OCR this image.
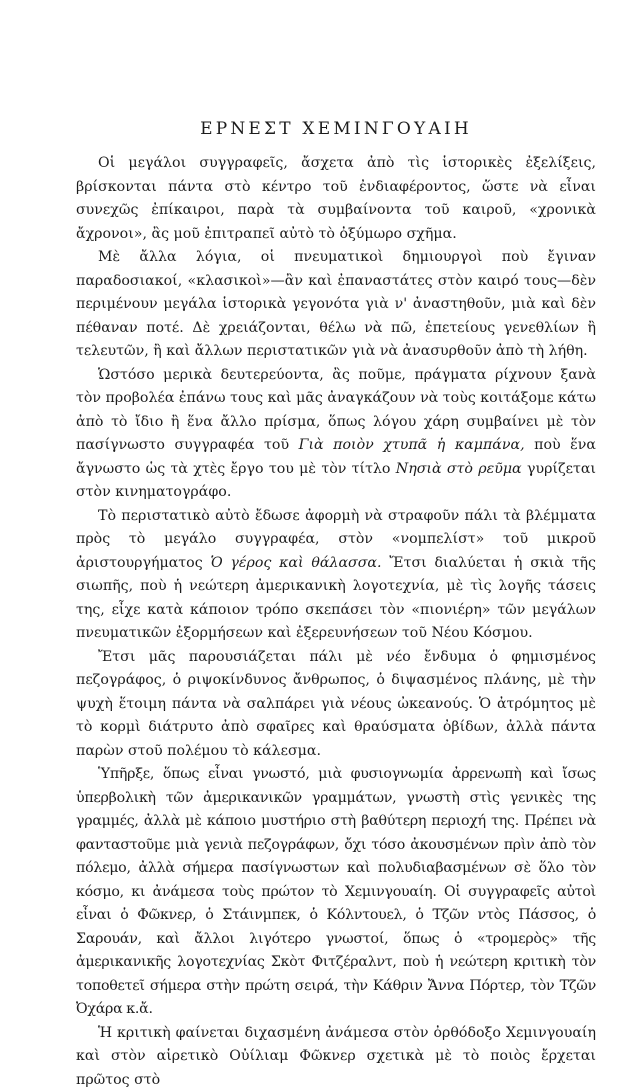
ΕΡΝΕΣΤ ΧΕΜΙΝΓΟΥΑΙΗ

Οἱ μεγάλοι συγγραφεῖς, ἄσχετα ἀπὸ τὶς ἱστορικὲς ἐξελίξεις, βρίσκονται πάντα στὸ κέντρο τοῦ ἐνδιαφέροντος, ὥστε νὰ εἶναι συνεχῶς ἐπίκαιροι, παρὰ τὰ συμβαίνοντα τοῦ καιροῦ, «χρονικὰ ἄχρονοι», ἂς μοῦ ἐπιτραπεῖ αὐτὸ τὸ ὀξύμωρο σχῆμα.

Μὲ ἄλλα λόγια, οἱ πνευματικοὶ δημιουργοὶ ποὺ ἔγιναν παραδοσιακοί, «κλασικοὶ»—ἂν καὶ ἐπαναστάτες στὸν καιρό τους—δὲν περιμένουν μεγάλα ἱστορικὰ γεγονότα γιὰ ν' ἀναστηθοῦν, μιὰ καὶ δὲν πέθαναν ποτέ. Δὲ χρειάζονται, θέλω νὰ πῶ, ἐπετείους γενεθλίων ἢ τελευτῶν, ἢ καὶ ἄλλων περιστατικῶν γιὰ νὰ ἀνασυρθοῦν ἀπὸ τὴ λήθη.

Ὡστόσο μερικὰ δευτερεύοντα, ἂς ποῦμε, πράγματα ρίχνουν ξανὰ τὸν προβολέα ἐπάνω τους καὶ μᾶς ἀναγκάζουν νὰ τοὺς κοιτάξομε κάτω ἀπὸ τὸ ἴδιο ἢ ἕνα ἄλλο πρίσμα, ὅπως λόγου χάρη συμβαίνει μὲ τὸν πασίγνωστο συγγραφέα τοῦ Γιὰ ποιὸν χτυπᾶ ἡ καμπάνα, ποὺ ἕνα ἄγνωστο ὡς τὰ χτὲς ἔργο του μὲ τὸν τίτλο Νησιὰ στὸ ρεῦμα γυρίζεται στὸν κινηματογράφο.

Τὸ περιστατικὸ αὐτὸ ἔδωσε ἀφορμὴ νὰ στραφοῦν πάλι τὰ βλέμματα πρὸς τὸ μεγάλο συγγραφέα, στὸν «νομπελίστ» τοῦ μικροῦ ἀριστουργήματος Ὁ γέρος καὶ θάλασσα. Ἔτσι διαλύεται ἡ σκιὰ τῆς σιωπῆς, ποὺ ἡ νεώτερη ἀμερικανικὴ λογοτεχνία, μὲ τὶς λογῆς τάσεις της, εἶχε κατὰ κάποιον τρόπο σκεπάσει τὸν «πιονιέρη» τῶν μεγάλων πνευματικῶν ἐξορμήσεων καὶ ἐξερευνήσεων τοῦ Νέου Κόσμου.

Ἔτσι μᾶς παρουσιάζεται πάλι μὲ νέο ἔνδυμα ὁ φημισμένος πεζογράφος, ὁ ριψοκίνδυνος ἄνθρωπος, ὁ διψασμένος πλάνης, μὲ τὴν ψυχὴ ἕτοιμη πάντα νὰ σαλπάρει γιὰ νέους ὠκεανούς. Ὁ ἀτρόμητος μὲ τὸ κορμὶ διάτρυτο ἀπὸ σφαῖρες καὶ θραύσματα ὀβίδων, ἀλλὰ πάντα παρὼν στοῦ πολέμου τὸ κάλεσμα.

Ὑπῆρξε, ὅπως εἶναι γνωστό, μιὰ φυσιογνωμία ἀρρενωπὴ καὶ ἴσως ὑπερβολικὴ τῶν ἀμερικανικῶν γραμμάτων, γνωστὴ στὶς γενικὲς της γραμμές, ἀλλὰ μὲ κάποιο μυστήριο στὴ βαθύτερη περιοχή της. Πρέπει νὰ φανταστοῦμε μιὰ γενιὰ πεζογράφων, ὄχι τόσο ἀκουσμένων πρὶν ἀπὸ τὸν πόλεμο, ἀλλὰ σήμερα πασίγνωστων καὶ πολυδιαβασμένων σὲ ὅλο τὸν κόσμο, κι ἀνάμεσα τοὺς πρώτον τὸ Χεμινγουαίη. Οἱ συγγραφεῖς αὐτοὶ εἶναι ὁ Φῶκνερ, ὁ Στάινμπεκ, ὁ Κόλντουελ, ὁ Τζῶν ντὸς Πάσσος, ὁ Σαρουάν, καὶ ἄλλοι λιγότερο γνωστοί, ὅπως ὁ «τρομερὸς» τῆς ἀμερικανικῆς λογοτεχνίας Σκὸτ Φιτζέραλντ, ποὺ ἡ νεώτερη κριτικὴ τὸν τοποθετεῖ σήμερα στὴν πρώτη σειρά, τὴν Κάθριν Ἄννα Πόρτερ, τὸν Τζῶν Ὀχάρα κ.ἄ.

Ἡ κριτικὴ φαίνεται διχασμένη ἀνάμεσα στὸν ὀρθόδοξο Χεμινγουαίη καὶ στὸν αἱρετικὸ Οὐίλιαμ Φῶκνερ σχετικὰ μὲ τὸ ποιὸς ἔρχεται πρῶτος στὸ
